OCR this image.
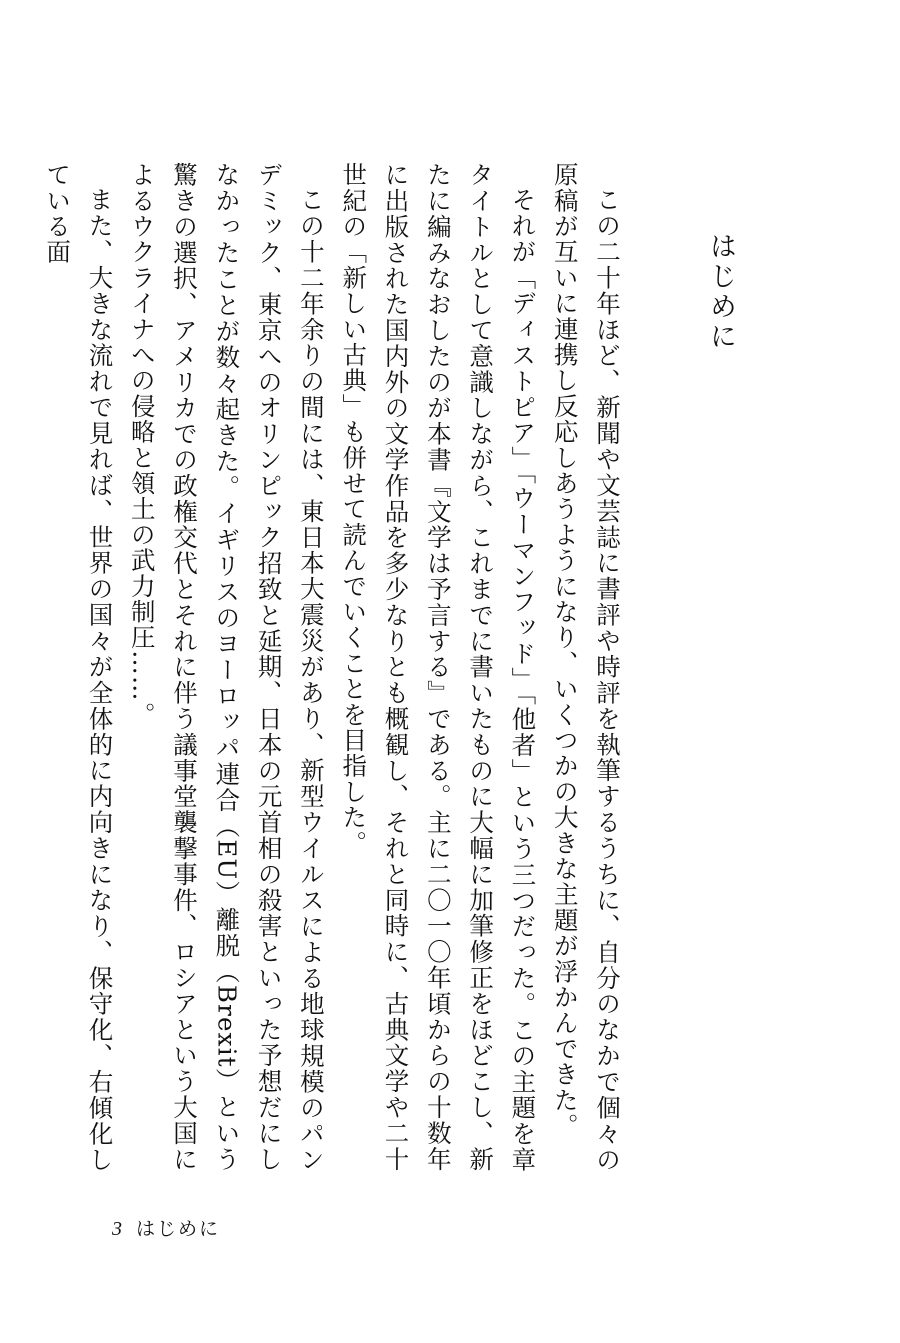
はじめに

この二十年ほど、新聞や文芸誌に書評や時評を執筆するうちに、自分のなかで個々の原稿が互いに連携し反応しあうようになり、いくつかの大きな主題が浮かんできた。

それが「ディストピア」「ウーマンフッド」「他者」という三つだった。この主題を章タイトルとして意識しながら、これまでに書いたものに大幅に加筆修正をほどこし、新たに編みなおしたのが本書『文学は予言する』である。主に二〇一〇年頃からの十数年に出版された国内外の文学作品を多少なりとも概観し、それと同時に、古典文学や二十世紀の「新しい古典」も併せて読んでいくことを目指した。

この十二年余りの間には、東日本大震災があり、新型ウイルスによる地球規模のパンデミック、東京へのオリンピック招致と延期、日本の元首相の殺害といった予想だにしなかったことが数々起きた。イギリスのヨーロッパ連合（EU）離脱（Brexit）という驚きの選択、アメリカでの政権交代とそれに伴う議事堂襲撃事件、ロシアという大国によるウクライナへの侵略と領土の武力制圧……。

また、大きな流れで見れば、世界の国々が全体的に内向きになり、保守化、右傾化している面

3 はじめに
